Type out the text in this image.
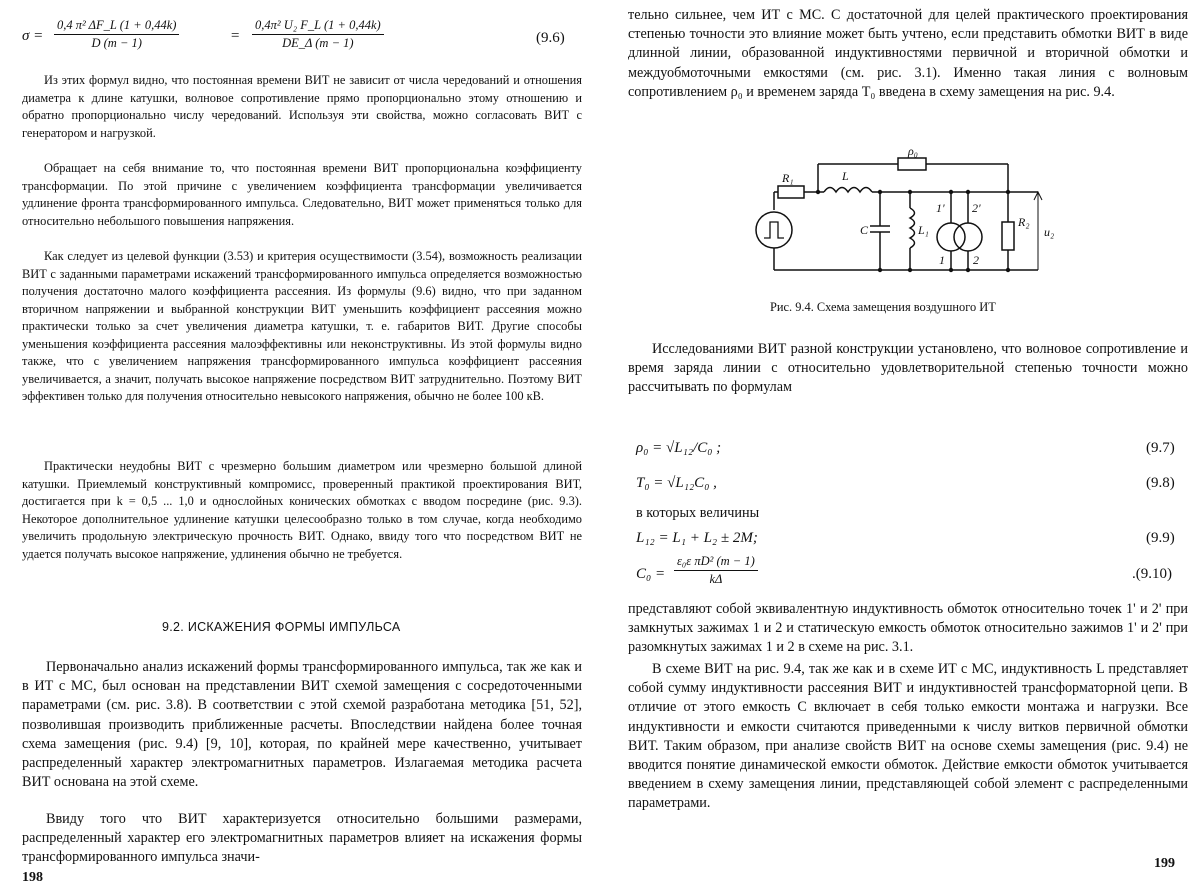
$\sigma = \frac{\text{0,4 π² ΔF\_L (1 + 0,44k)}}{D (m - 1)}$	= $\frac{\text{0,4π² U₂ F\_L (1 + 0,44k)}}{DE\_\Delta (m - 1)}$	(9.6)

Из этих формул видно, что постоянная времени ВИТ не зависит от числа чередований и отношения диаметра к длине катушки, волновое сопротивление прямо пропорционально этому отношению и обратно пропорционально числу чередований. Используя эти свойства, можно согласовать ВИТ с генератором и нагрузкой.

Обращает на себя внимание то, что постоянная времени ВИТ пропорциональна коэффициенту трансформации. По этой причине с увеличением коэффициента трансформации увеличивается удлинение фронта трансформированного импульса. Следовательно, ВИТ может применяться только для относительно небольшого повышения напряжения.

Как следует из целевой функции (3.53) и критерия осуществимости (3.54), возможность реализации ВИТ с заданными параметрами искажений трансформированного импульса определяется возможностью получения достаточно малого коэффициента рассеяния. Из формулы (9.6) видно, что при заданном вторичном напряжении и выбранной конструкции ВИТ уменьшить коэффициент рассеяния можно практически только за счет увеличения диаметра катушки, т. е. габаритов ВИТ. Другие способы уменьшения коэффициента рассеяния малоэффективны или неконструктивны. Из этой формулы видно также, что с увеличением напряжения трансформированного импульса коэффициент рассеяния увеличивается, а значит, получать высокое напряжение посредством ВИТ затруднительно. Поэтому ВИТ эффективен только для получения относительно невысокого напряжения, обычно не более 100 кВ.

Практически неудобны ВИТ с чрезмерно большим диаметром или чрезмерно большой длиной катушки. Приемлемый конструктивный компромисс, проверенный практикой проектирования ВИТ, достигается при k = 0,5 ... 1,0 и однослойных конических обмотках с вводом посредине (рис. 9.3). Некоторое дополнительное удлинение катушки целесообразно только в том случае, когда необходимо увеличить продольную электрическую прочность ВИТ. Однако, ввиду того что посредством ВИТ не удается получать высокое напряжение, удлинения обычно не требуется.

9.2. ИСКАЖЕНИЯ ФОРМЫ ИМПУЛЬСА

Первоначально анализ искажений формы трансформированного импульса, так же как и в ИТ с МС, был основан на представлении ВИТ схемой замещения с сосредоточенными параметрами (см. рис. 3.8). В соответствии с этой схемой разработана методика [51, 52], позволившая производить приближенные расчеты. Впоследствии найдена более точная схема замещения (рис. 9.4) [9, 10], которая, по крайней мере качественно, учитывает распределенный характер электромагнитных параметров. Излагаемая методика расчета ВИТ основана на этой схеме.

Ввиду того что ВИТ характеризуется относительно большими размерами, распределенный характер его электромагнитных параметров влияет на искажения формы трансформированного импульса значи-

198

тельно сильнее, чем ИТ с МС. С достаточной для целей практического проектирования степенью точности это влияние может быть учтено, если представить обмотки ВИТ в виде длинной линии, образованной индуктивностями первичной и вторичной обмотки и междуобмоточными емкостями (см. рис. 3.1). Именно такая линия с волновым сопротивлением ρ₀ и временем заряда T₀ введена в схему замещения на рис. 9.4.

ρ₀
R₁	L
C	L₁
1' 2'
1 2
R₂
u₂
Рис. 9.4. Схема замещения воздушного ИТ

Исследованиями ВИТ разной конструкции установлено, что волновое сопротивление и время заряда линии с относительно удовлетворительной степенью точности можно рассчитывать по формулам

ρ₀ = √L₁₂/C₀ ;	(9.7)
T₀ = √L₁₂C₀ ,	(9.8)
в которых величины
L₁₂ = L₁ + L₂ ± 2M;	(9.9)
$C_0 = \frac{\text{ε₀ε πD² (m − 1)}}{k\Delta}$	.(9.10)

представляют собой эквивалентную индуктивность обмоток относительно точек 1' и 2' при замкнутых зажимах 1 и 2 и статическую емкость обмоток относительно зажимов 1' и 2' при разомкнутых зажимах 1 и 2 в схеме на рис. 3.1.

В схеме ВИТ на рис. 9.4, так же как и в схеме ИТ с МС, индуктивность L представляет собой сумму индуктивности рассеяния ВИТ и индуктивностей трансформаторной цепи. В отличие от этого емкость C включает в себя только емкости монтажа и нагрузки. Все индуктивности и емкости считаются приведенными к числу витков первичной обмотки ВИТ. Таким образом, при анализе свойств ВИТ на основе схемы замещения (рис. 9.4) не вводится понятие динамической емкости обмоток. Действие емкости обмоток учитывается введением в схему замещения линии, представляющей собой элемент с распределенными параметрами.

199
